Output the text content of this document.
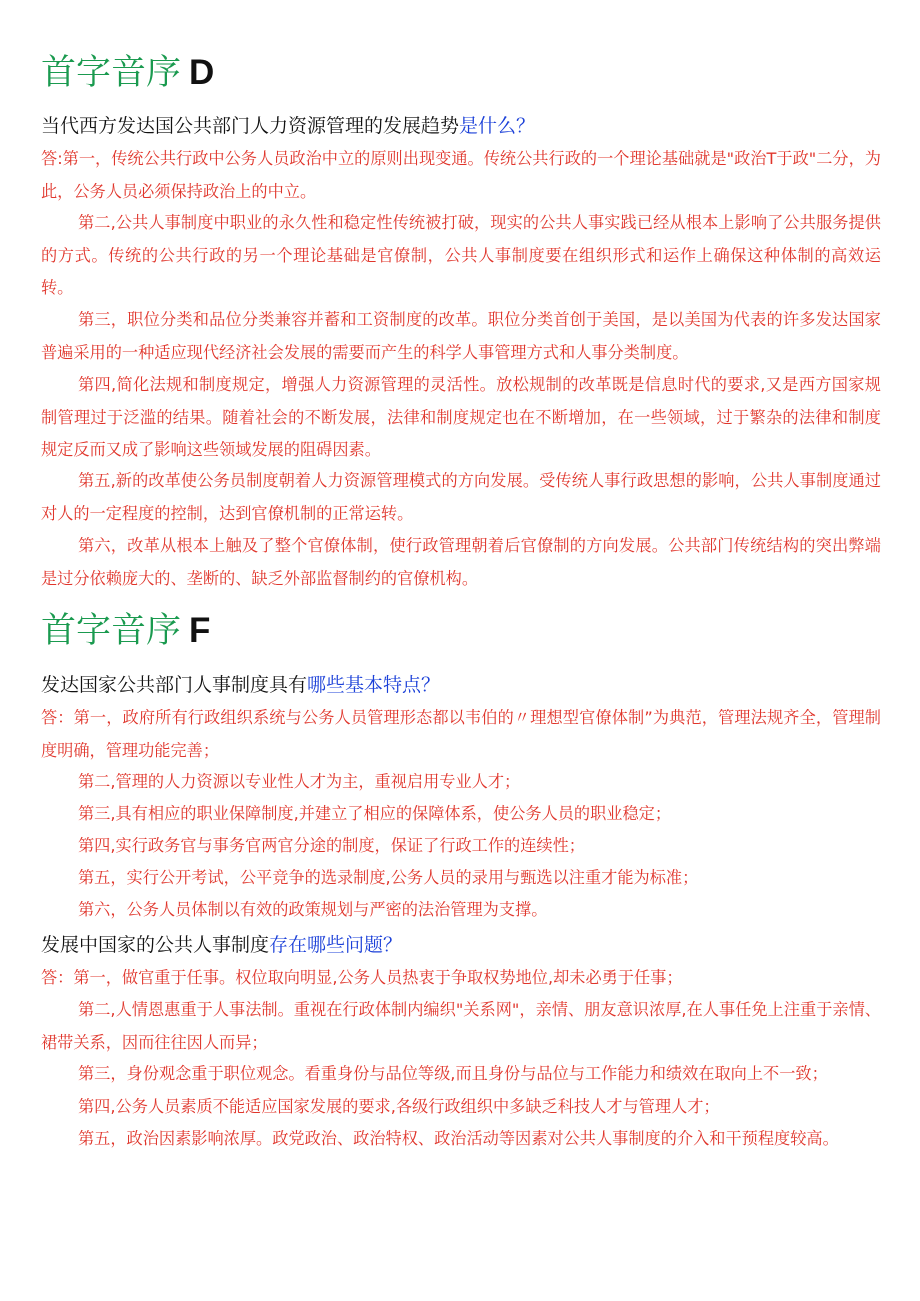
首字音序 D
当代西方发达国公共部门人力资源管理的发展趋势是什么？
答:第一，传统公共行政中公务人员政治中立的原则出现变通。传统公共行政的一个理论基础就是"政治T于政"二分，为此，公务人员必须保持政治上的中立。
第二,公共人事制度中职业的永久性和稳定性传统被打破，现实的公共人事实践已经从根本上影响了公共服务提供的方式。传统的公共行政的另一个理论基础是官僚制，公共人事制度要在组织形式和运作上确保这种体制的高效运转。
第三，职位分类和品位分类兼容并蓄和工资制度的改革。职位分类首创于美国，是以美国为代表的许多发达国家普遍采用的一种适应现代经济社会发展的需要而产生的科学人事管理方式和人事分类制度。
第四,简化法规和制度规定，增强人力资源管理的灵活性。放松规制的改革既是信息时代的要求,又是西方国家规制管理过于泛滥的结果。随着社会的不断发展，法律和制度规定也在不断增加，在一些领域，过于繁杂的法律和制度规定反而又成了影响这些领域发展的阻碍因素。
第五,新的改革使公务员制度朝着人力资源管理模式的方向发展。受传统人事行政思想的影响，公共人事制度通过对人的一定程度的控制，达到官僚机制的正常运转。
第六，改革从根本上触及了整个官僚体制，使行政管理朝着后官僚制的方向发展。公共部门传统结构的突出弊端是过分依赖庞大的、垄断的、缺乏外部监督制约的官僚机构。
首字音序 F
发达国家公共部门人事制度具有哪些基本特点？
答：第一，政府所有行政组织系统与公务人员管理形态都以韦伯的〃理想型官僚体制”为典范，管理法规齐全，管理制度明确，管理功能完善；
第二,管理的人力资源以专业性人才为主，重视启用专业人才；
第三,具有相应的职业保障制度,并建立了相应的保障体系，使公务人员的职业稳定；
第四,实行政务官与事务官两官分途的制度，保证了行政工作的连续性；
第五，实行公开考试，公平竞争的选录制度,公务人员的录用与甄选以注重才能为标准；
第六，公务人员体制以有效的政策规划与严密的法治管理为支撑。
发展中国家的公共人事制度存在哪些问题？
答：第一，做官重于任事。权位取向明显,公务人员热衷于争取权势地位,却未必勇于任事；
第二,人情恩惠重于人事法制。重视在行政体制内编织"关系网"，亲情、朋友意识浓厚,在人事任免上注重于亲情、裙带关系，因而往往因人而异；
第三，身份观念重于职位观念。看重身份与品位等级,而且身份与品位与工作能力和绩效在取向上不一致；
第四,公务人员素质不能适应国家发展的要求,各级行政组织中多缺乏科技人才与管理人才；
第五，政治因素影响浓厚。政党政治、政治特权、政治活动等因素对公共人事制度的介入和干预程度较高。
